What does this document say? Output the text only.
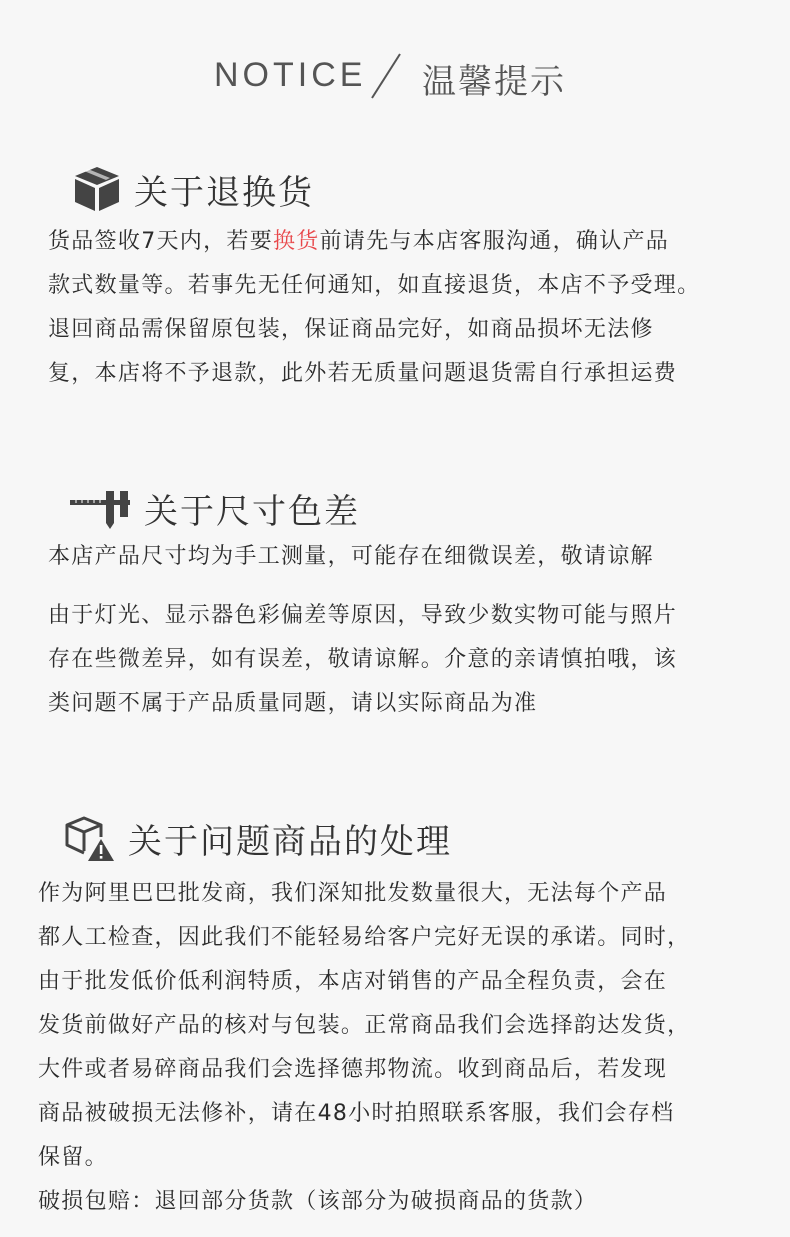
NOTICE 温馨提示
关于退换货
货品签收7天内，若要换货前请先与本店客服沟通，确认产品
款式数量等。若事先无任何通知，如直接退货，本店不予受理。
退回商品需保留原包装，保证商品完好，如商品损坏无法修
复，本店将不予退款，此外若无质量问题退货需自行承担运费
关于尺寸色差
本店产品尺寸均为手工测量，可能存在细微误差，敬请谅解
由于灯光、显示器色彩偏差等原因，导致少数实物可能与照片
存在些微差异，如有误差，敬请谅解。介意的亲请慎拍哦，该
类问题不属于产品质量同题，请以实际商品为准
关于问题商品的处理
作为阿里巴巴批发商，我们深知批发数量很大，无法每个产品
都人工检查，因此我们不能轻易给客户完好无误的承诺。同时，
由于批发低价低利润特质，本店对销售的产品全程负责，会在
发货前做好产品的核对与包装。正常商品我们会选择韵达发货，
大件或者易碎商品我们会选择德邦物流。收到商品后，若发现
商品被破损无法修补，请在48小时拍照联系客服，我们会存档
保留。
破损包赔：退回部分货款（该部分为破损商品的货款）
